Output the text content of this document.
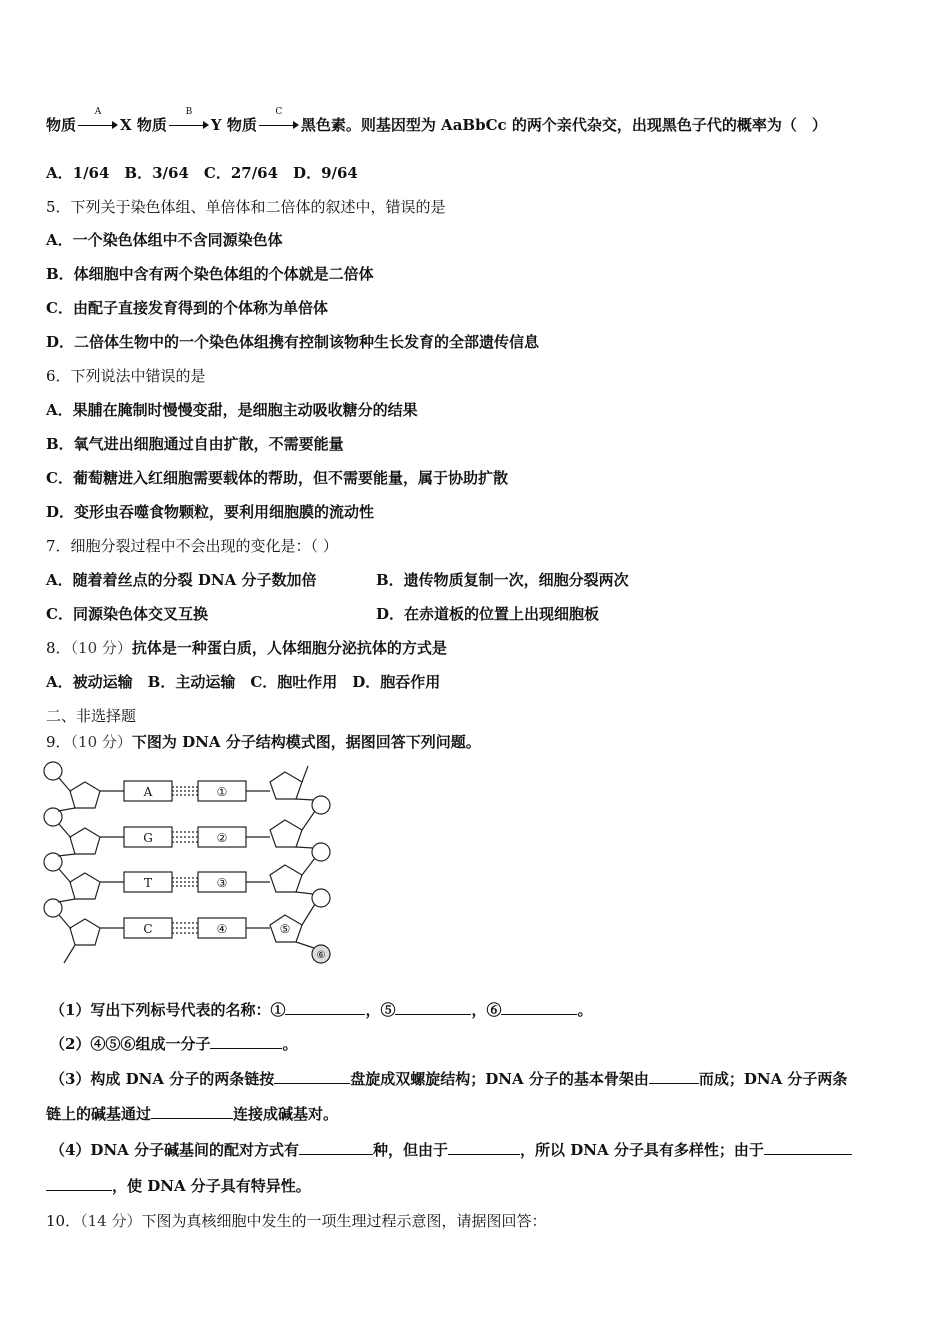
物质
A
X 物质
B
Y 物质
C
黑色素。则基因型为 AaBbCc 的两个亲代杂交，出现黑色子代的概率为（　）
A．1/64　B．3/64　C．27/64　D．9/64
5．下列关于染色体组、单倍体和二倍体的叙述中，错误的是
A．一个染色体组中不含同源染色体
B．体细胞中含有两个染色体组的个体就是二倍体
C．由配子直接发育得到的个体称为单倍体
D．二倍体生物中的一个染色体组携有控制该物种生长发育的全部遗传信息
6．下列说法中错误的是
A．果脯在腌制时慢慢变甜，是细胞主动吸收糖分的结果
B．氧气进出细胞通过自由扩散，不需要能量
C．葡萄糖进入红细胞需要载体的帮助，但不需要能量，属于协助扩散
D．变形虫吞噬食物颗粒，要利用细胞膜的流动性
7．细胞分裂过程中不会出现的变化是：（ ）
A．随着着丝点的分裂 DNA 分子数加倍	B．遗传物质复制一次，细胞分裂两次
C．同源染色体交叉互换	D．在赤道板的位置上出现细胞板
8．（10 分）抗体是一种蛋白质，人体细胞分泌抗体的方式是
A．被动运输　B．主动运输　C．胞吐作用　D．胞吞作用
二、非选择题
9．（10 分）下图为 DNA 分子结构模式图，据图回答下列问题。
A
G
T
C
①
②
③
④	⑤
⑥
（1）写出下列标号代表的名称：①	，⑤	，⑥	。
（2）④⑤⑥组成一分子	。
（3）构成 DNA 分子的两条链按	盘旋成双螺旋结构；DNA 分子的基本骨架由	而成；DNA 分子两条
链上的碱基通过	连接成碱基对。
（4）DNA 分子碱基间的配对方式有	种，但由于	，所以 DNA 分子具有多样性；由于
，使 DNA 分子具有特异性。
10．（14 分）下图为真核细胞中发生的一项生理过程示意图，请据图回答：
